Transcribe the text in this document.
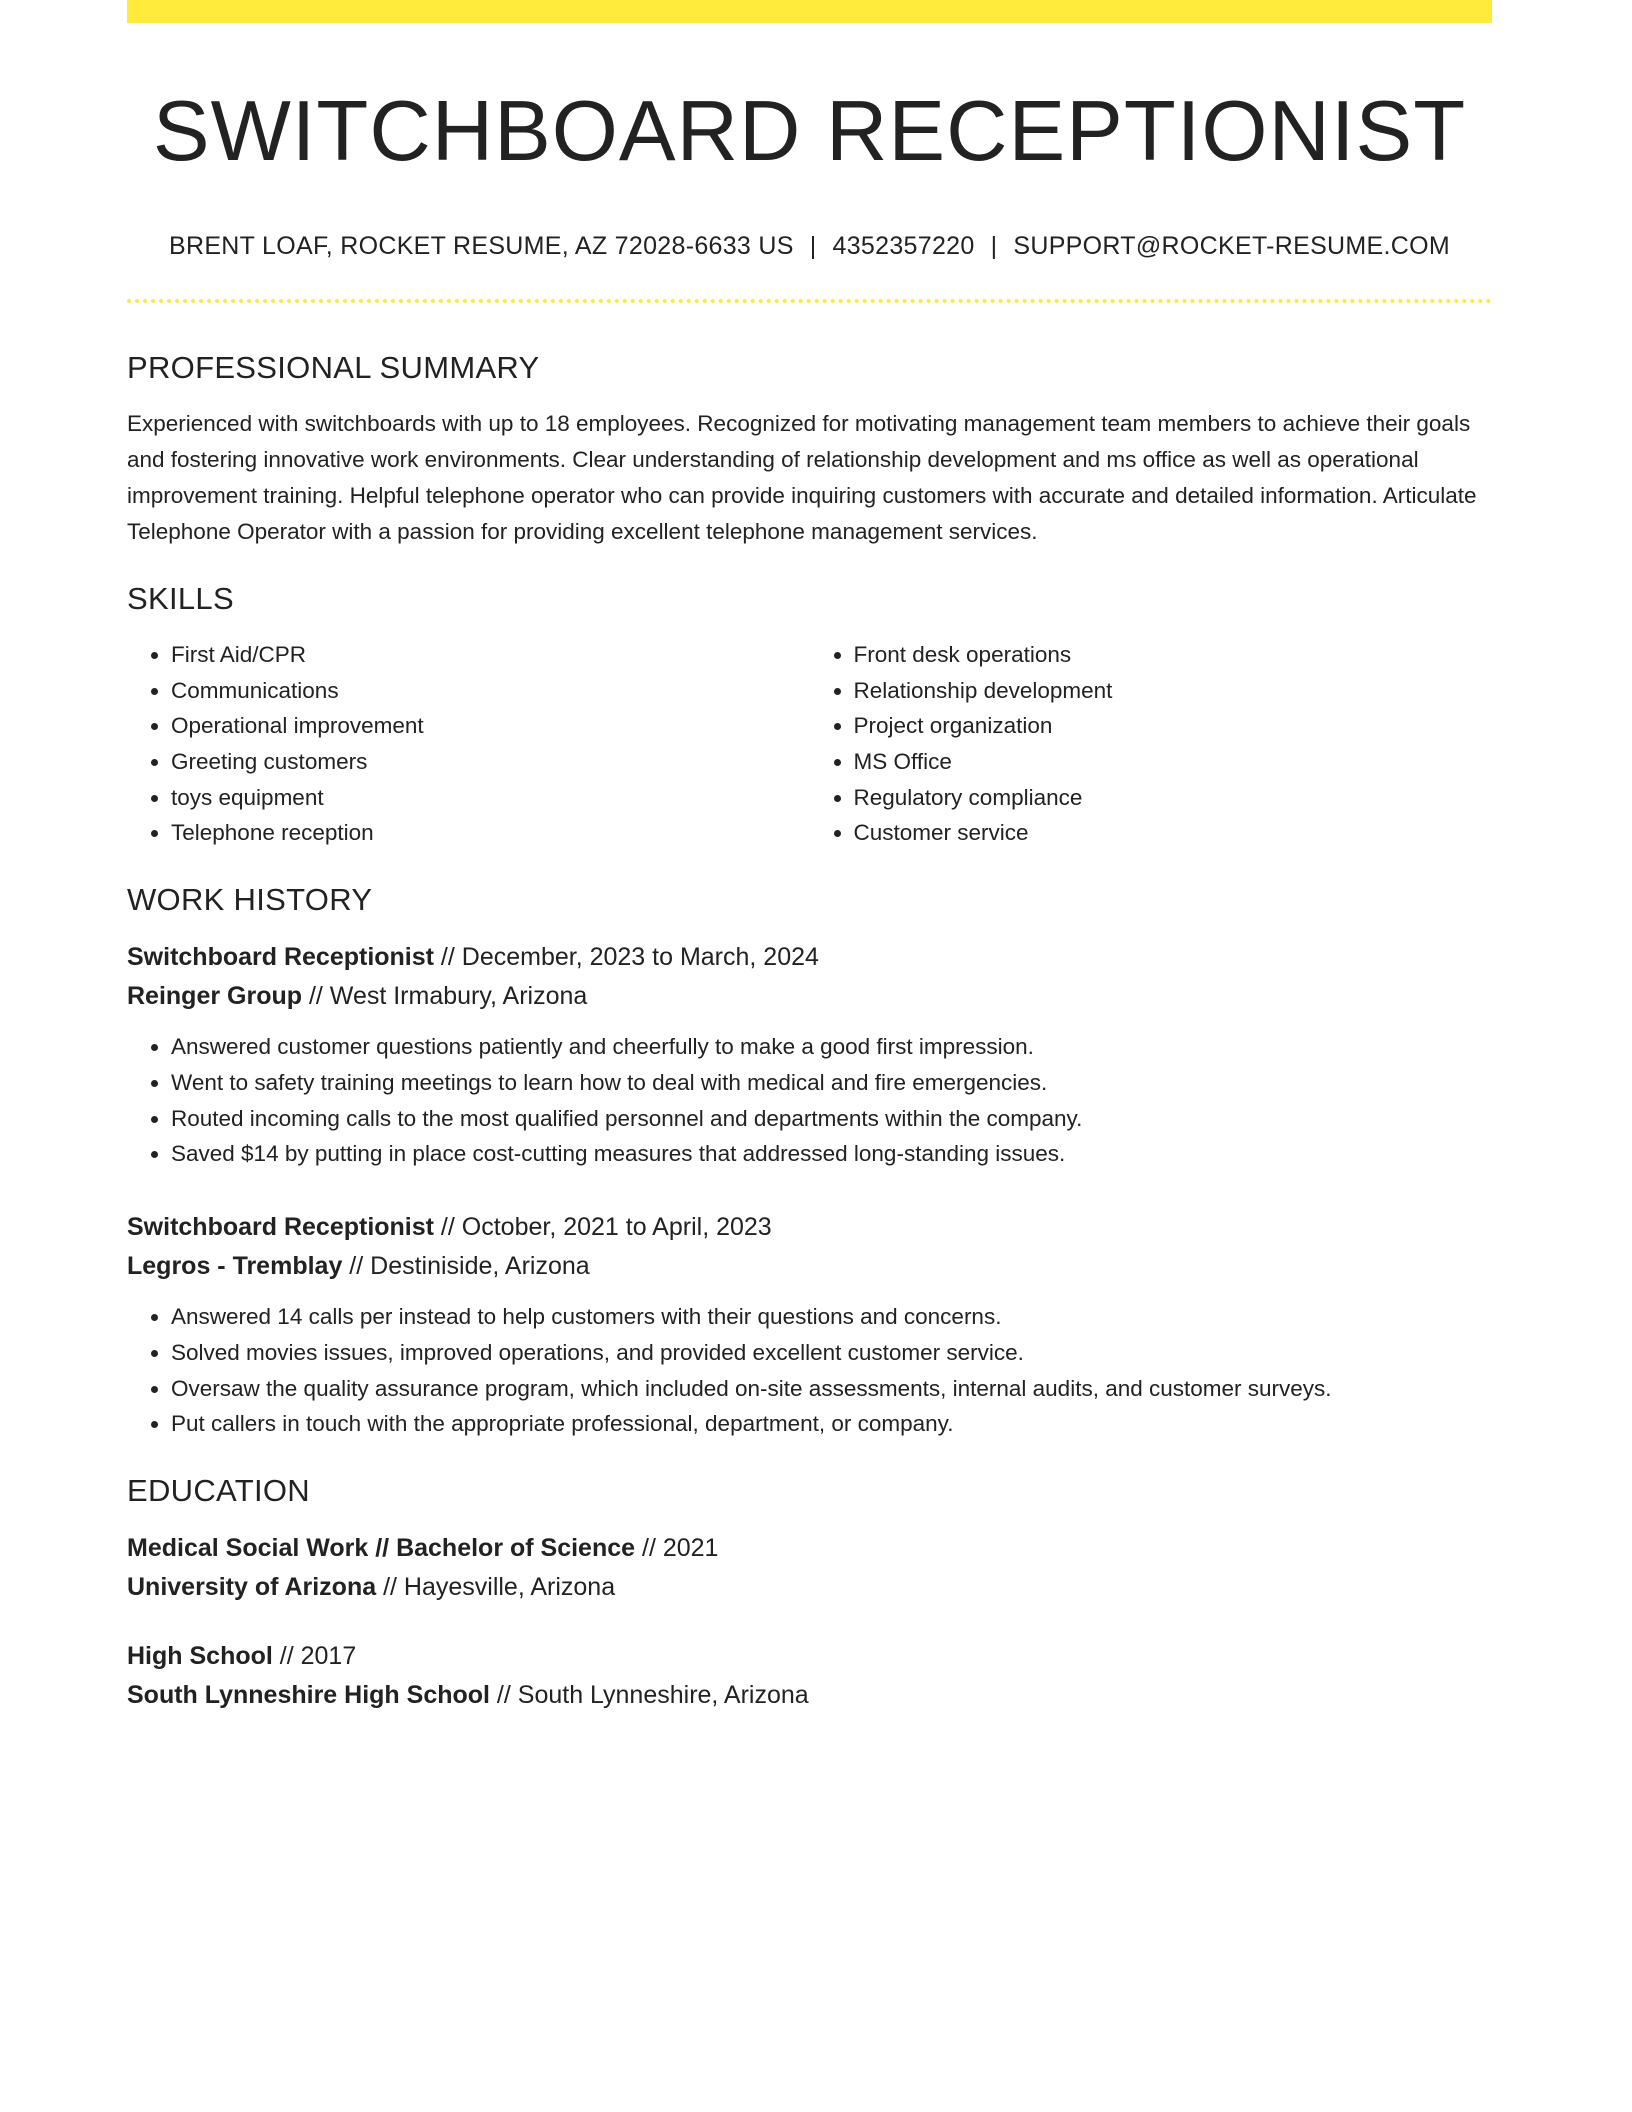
SWITCHBOARD RECEPTIONIST
BRENT LOAF, ROCKET RESUME, AZ 72028-6633 US | 4352357220 | SUPPORT@ROCKET-RESUME.COM
PROFESSIONAL SUMMARY

Experienced with switchboards with up to 18 employees. Recognized for motivating management team members to achieve their goals and fostering innovative work environments. Clear understanding of relationship development and ms office as well as operational improvement training. Helpful telephone operator who can provide inquiring customers with accurate and detailed information. Articulate Telephone Operator with a passion for providing excellent telephone management services.

SKILLS
• First Aid/CPR
• Communications
• Operational improvement
• Greeting customers
• toys equipment
• Telephone reception
• Front desk operations
• Relationship development
• Project organization
• MS Office
• Regulatory compliance
• Customer service
WORK HISTORY
Switchboard Receptionist // December, 2023 to March, 2024
Reinger Group // West Irmabury, Arizona
• Answered customer questions patiently and cheerfully to make a good first impression.
• Went to safety training meetings to learn how to deal with medical and fire emergencies.
• Routed incoming calls to the most qualified personnel and departments within the company.
• Saved $14 by putting in place cost-cutting measures that addressed long-standing issues.
Switchboard Receptionist // October, 2021 to April, 2023
Legros - Tremblay // Destiniside, Arizona
• Answered 14 calls per instead to help customers with their questions and concerns.
• Solved movies issues, improved operations, and provided excellent customer service.
• Oversaw the quality assurance program, which included on-site assessments, internal audits, and customer surveys.
• Put callers in touch with the appropriate professional, department, or company.
EDUCATION
Medical Social Work // Bachelor of Science // 2021
University of Arizona // Hayesville, Arizona
High School // 2017
South Lynneshire High School // South Lynneshire, Arizona
